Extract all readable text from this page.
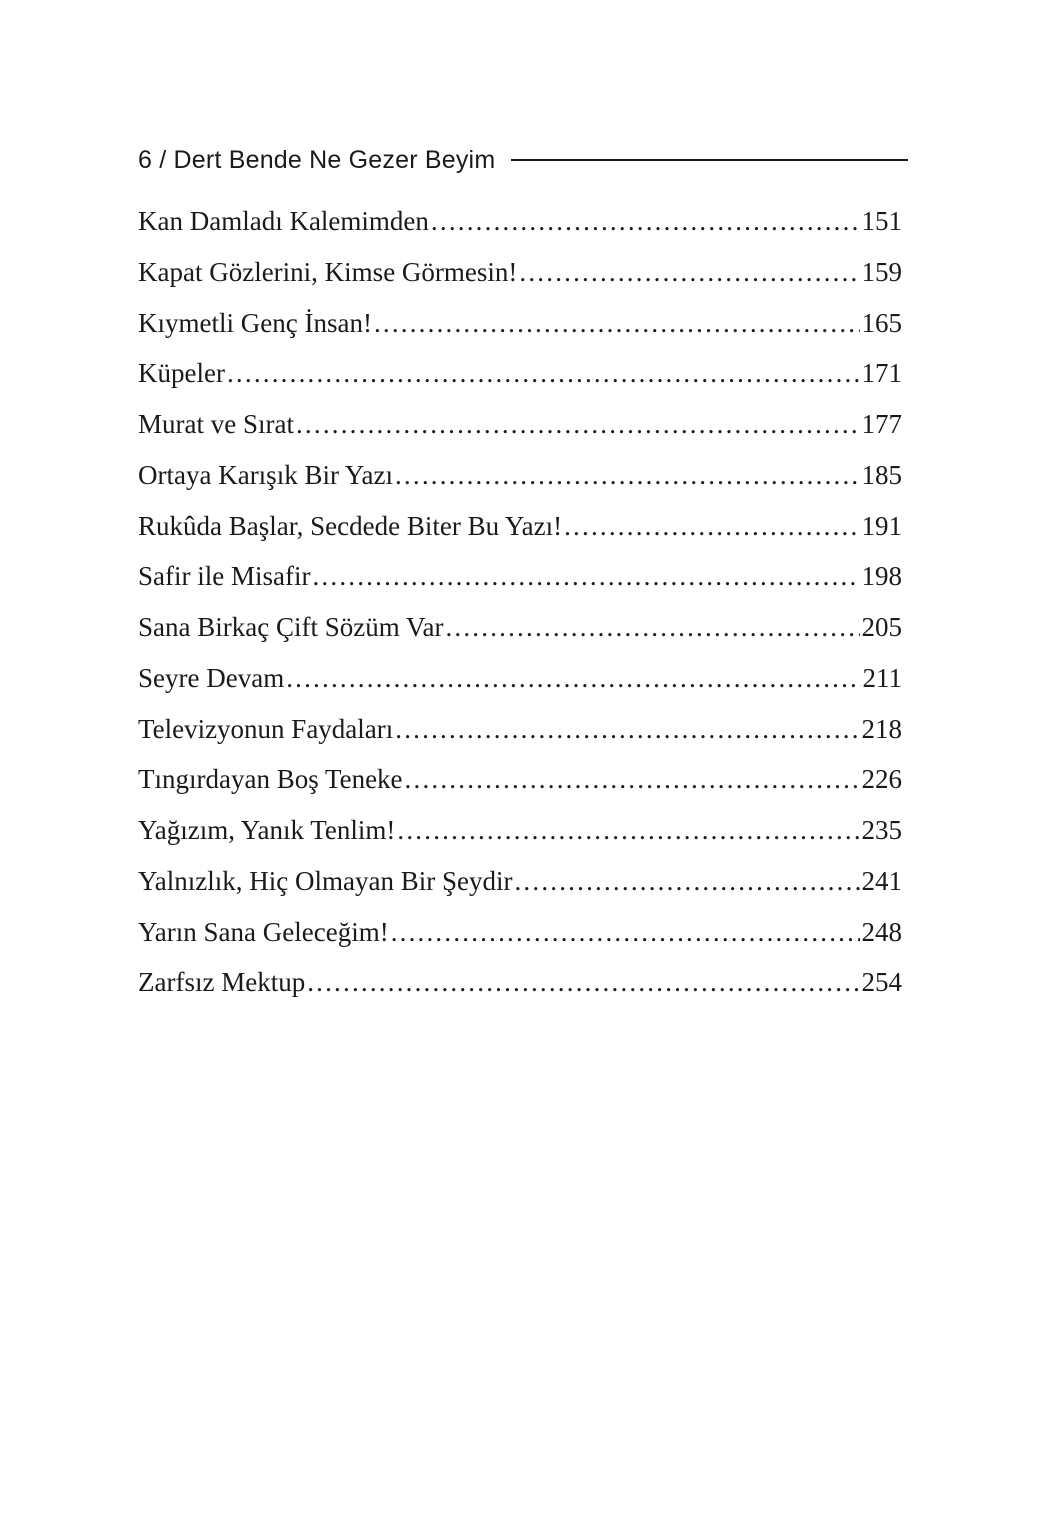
6 / Dert Bende Ne Gezer Beyim
Kan Damladı Kalemimden .....	151
Kapat Gözlerini, Kimse Görmesin! .....	159
Kıymetli Genç İnsan! .....	165
Küpeler .....	171
Murat ve Sırat .....	177
Ortaya Karışık Bir Yazı .....	185
Rukûda Başlar, Secdede Biter Bu Yazı! .....	191
Safir ile Misafir .....	198
Sana Birkaç Çift Sözüm Var .....	205
Seyre Devam .....	211
Televizyonun Faydaları .....	218
Tıngırdayan Boş Teneke .....	226
Yağızım, Yanık Tenlim! .....	235
Yalnızlık, Hiç Olmayan Bir Şeydir .....	241
Yarın Sana Geleceğim! .....	248
Zarfsız Mektup .....	254
